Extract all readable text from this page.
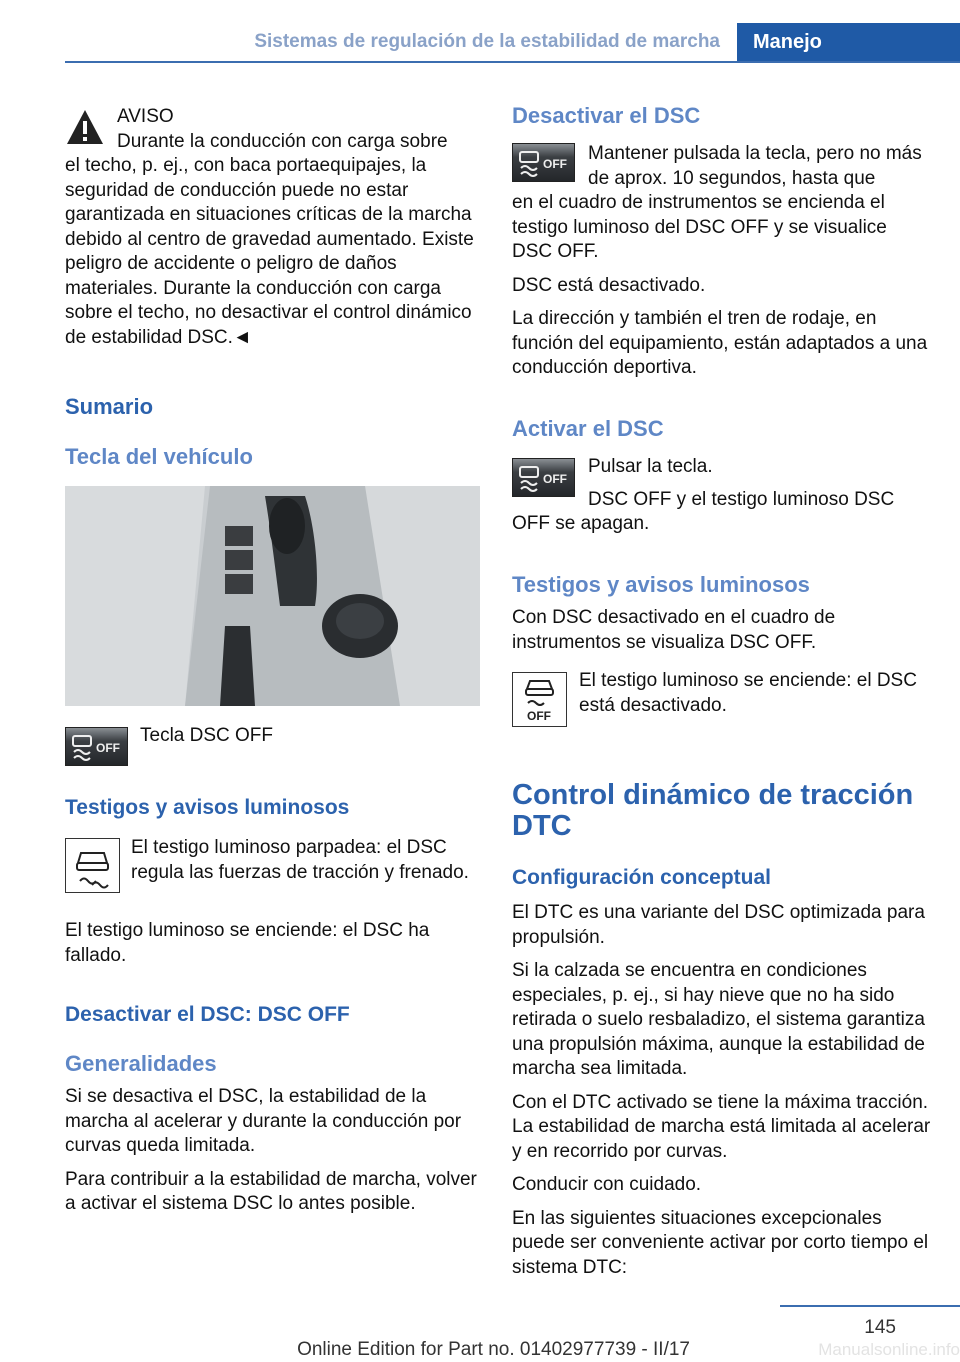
Sistemas de regulación de la estabilidad de marcha	Manejo
AVISO
Durante la conducción con carga sobre

el techo, p. ej., con baca portaequipajes, la seguridad de conducción puede no estar garantizada en situaciones críticas de la marcha debido al centro de gravedad aumentado. Existe peligro de accidente o peligro de daños materiales. Durante la conducción con carga sobre el techo, no desactivar el control dinámico de estabilidad DSC.◄

Sumario
Tecla del vehículo
OFF
Tecla DSC OFF
Testigos y avisos luminosos
El testigo luminoso parpadea: el DSC regula las fuerzas de tracción y frenado.
El testigo luminoso se enciende: el DSC ha fallado.
Desactivar el DSC: DSC OFF
Generalidades

Si se desactiva el DSC, la estabilidad de la marcha al acelerar y durante la conducción por curvas queda limitada.

Para contribuir a la estabilidad de marcha, volver a activar el sistema DSC lo antes posible.

Desactivar el DSC
OFF Mantener pulsada la tecla, pero no más de aprox. 10 segundos, hasta que

en el cuadro de instrumentos se encienda el testigo luminoso del DSC OFF y se visualice DSC OFF.

DSC está desactivado.

La dirección y también el tren de rodaje, en función del equipamiento, están adaptados a una conducción deportiva.

Activar el DSC
OFF
Pulsar la tecla.
DSC OFF y el testigo luminoso DSC
OFF se apagan.
Testigos y avisos luminosos
Con DSC desactivado en el cuadro de instrumentos se visualiza DSC OFF.
OFF
El testigo luminoso se enciende: el DSC está desactivado.
Control dinámico de tracción DTC
Configuración conceptual

El DTC es una variante del DSC optimizada para propulsión.

Si la calzada se encuentra en condiciones especiales, p. ej., si hay nieve que no ha sido retirada o suelo resbaladizo, el sistema garantiza una propulsión máxima, aunque la estabilidad de marcha sea limitada.

Con el DTC activado se tiene la máxima tracción. La estabilidad de marcha está limitada al acelerar y en recorrido por curvas.

Conducir con cuidado.

En las siguientes situaciones excepcionales puede ser conveniente activar por corto tiempo el sistema DTC:

145
Online Edition for Part no. 01402977739 - II/17	Manualsonline.info
